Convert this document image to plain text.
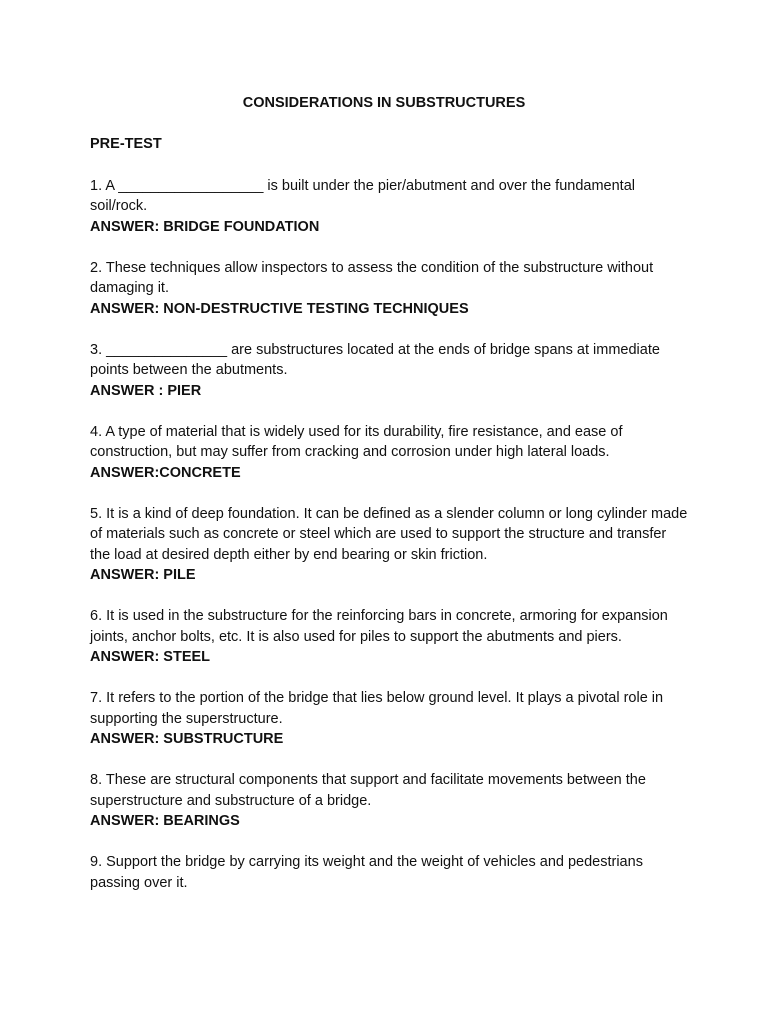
CONSIDERATIONS IN SUBSTRUCTURES

PRE-TEST

1. A __________________ is built under the pier/abutment and over the fundamental soil/rock.

ANSWER: BRIDGE FOUNDATION

2. These techniques allow inspectors to assess the condition of the substructure without damaging it.

ANSWER: NON-DESTRUCTIVE TESTING TECHNIQUES

3. _______________ are substructures located at the ends of bridge spans at immediate points between the abutments.

ANSWER : PIER

4. A type of material that is widely used for its durability, fire resistance, and ease of construction, but may suffer from cracking and corrosion under high lateral loads.

ANSWER:CONCRETE

5. It is a kind of deep foundation. It can be defined as a slender column or long cylinder made of materials such as concrete or steel which are used to support the structure and transfer the load at desired depth either by end bearing or skin friction.

ANSWER: PILE

6. It is used in the substructure for the reinforcing bars in concrete, armoring for expansion joints, anchor bolts, etc. It is also used for piles to support the abutments and piers.

ANSWER: STEEL

7. It refers to the portion of the bridge that lies below ground level. It plays a pivotal role in supporting the superstructure.

ANSWER: SUBSTRUCTURE

8. These are structural components that support and facilitate movements between the superstructure and substructure of a bridge.

ANSWER: BEARINGS

9. Support the bridge by carrying its weight and the weight of vehicles and pedestrians passing over it.
